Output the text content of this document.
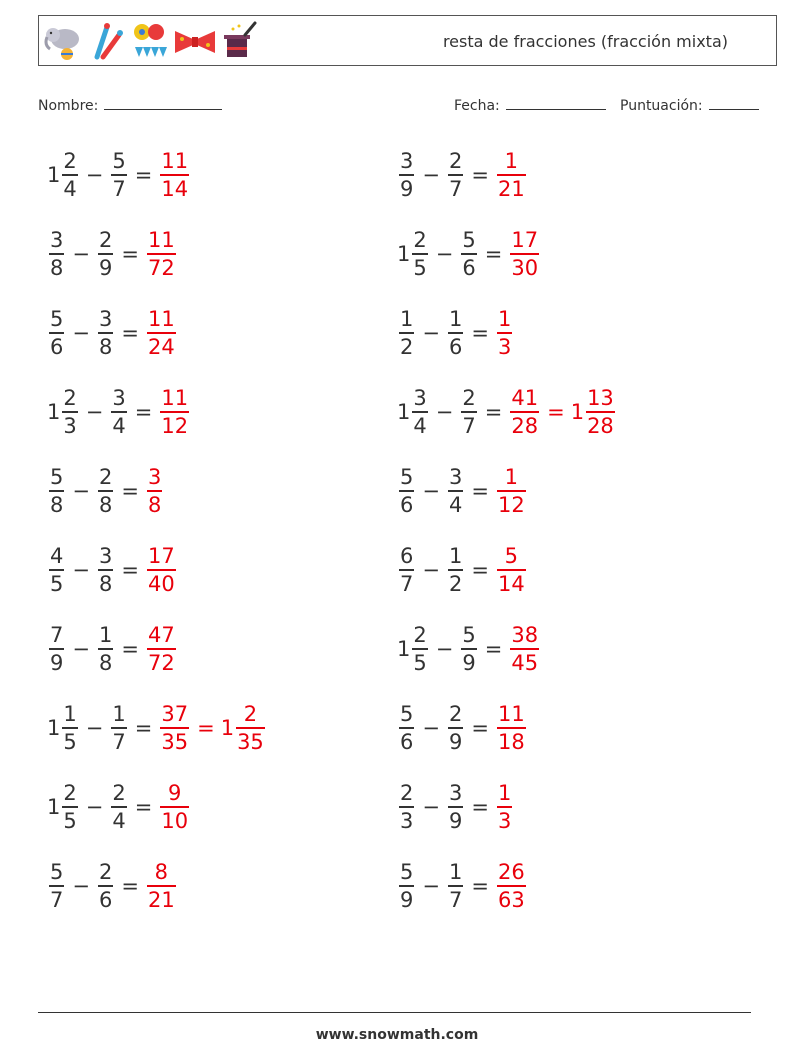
resta de fracciones (fracción mixta)
Nombre:	Fecha:	Puntuación:
$1 \frac{2}{4} - \frac{5}{7} = \frac{11}{14}$	$\frac{3}{9} - \frac{2}{7} = \frac{1}{21}$
$\frac{3}{8} - \frac{2}{9} = \frac{11}{72}$	$1 \frac{2}{5} - \frac{5}{6} = \frac{17}{30}$
$\frac{5}{6} - \frac{3}{8} = \frac{11}{24}$	$\frac{1}{2} - \frac{1}{6} = \frac{1}{3}$
$1 \frac{2}{3} - \frac{3}{4} = \frac{11}{12}$	$1 \frac{3}{4} - \frac{2}{7} = \frac{41}{28} = 1 \frac{13}{28}$
$\frac{5}{8} - \frac{2}{8} = \frac{3}{8}$	$\frac{5}{6} - \frac{3}{4} = \frac{1}{12}$
$\frac{4}{5} - \frac{3}{8} = \frac{17}{40}$	$\frac{6}{7} - \frac{1}{2} = \frac{5}{14}$
$\frac{7}{9} - \frac{1}{8} = \frac{47}{72}$	$1 \frac{2}{5} - \frac{5}{9} = \frac{38}{45}$
$1 \frac{1}{5} - \frac{1}{7} = \frac{37}{35} = 1 \frac{2}{35}$	$\frac{5}{6} - \frac{2}{9} = \frac{11}{18}$
$1 \frac{2}{5} - \frac{2}{4} = \frac{9}{10}$	$\frac{2}{3} - \frac{3}{9} = \frac{1}{3}$
$\frac{5}{7} - \frac{2}{6} = \frac{8}{21}$	$\frac{5}{9} - \frac{1}{7} = \frac{26}{63}$
www.snowmath.com
